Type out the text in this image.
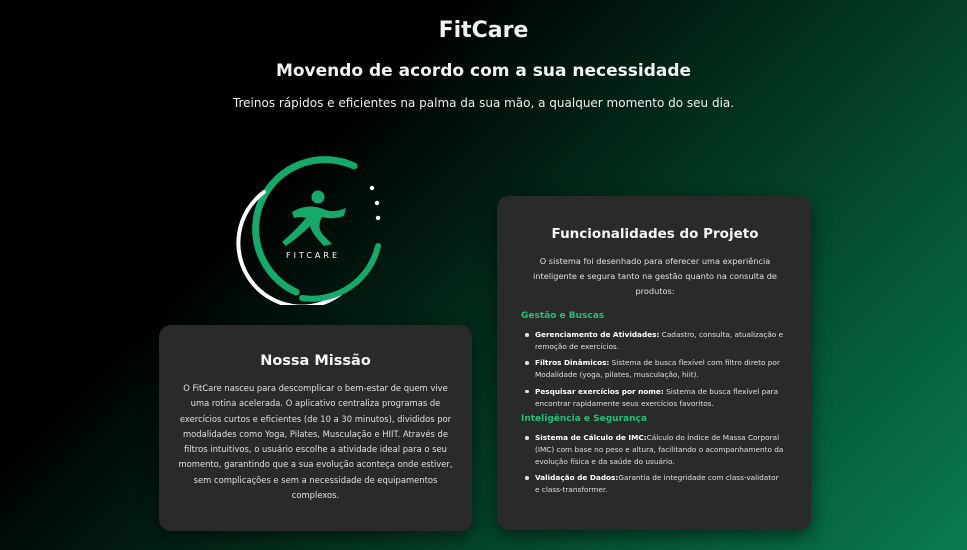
FitCare
Movendo de acordo com a sua necessidade

Treinos rápidos e eficientes na palma da sua mão, a qualquer momento do seu dia.

FITCARE
Nossa Missão

O FitCare nasceu para descomplicar o bem-estar de quem vive uma rotina acelerada. O aplicativo centraliza programas de exercícios curtos e eficientes (de 10 a 30 minutos), divididos por modalidades como Yoga, Pilates, Musculação e HIIT. Através de filtros intuitivos, o usuário escolhe a atividade ideal para o seu momento, garantindo que a sua evolução aconteça onde estiver, sem complicações e sem a necessidade de equipamentos complexos.

Funcionalidades do Projeto

O sistema foi desenhado para oferecer uma experiência inteligente e segura tanto na gestão quanto na consulta de produtos:

Gestão e Buscas
Gerenciamento de Atividades: Cadastro, consulta, atualização e remoção de exercícios.
Filtros Dinâmicos: Sistema de busca flexível com filtro direto por Modalidade (yoga, pilates, musculação, hiit).
Pesquisar exercícios por nome: Sistema de busca flexível para encontrar rapidamente seus exercícios favoritos.
Inteligência e Segurança
Sistema de Cálculo de IMC:Cálculo do Índice de Massa Corporal (IMC) com base no peso e altura, facilitando o acompanhamento da evolução física e da saúde do usuário.
Validação de Dados:Garantia de integridade com class-validator e class-transformer.
